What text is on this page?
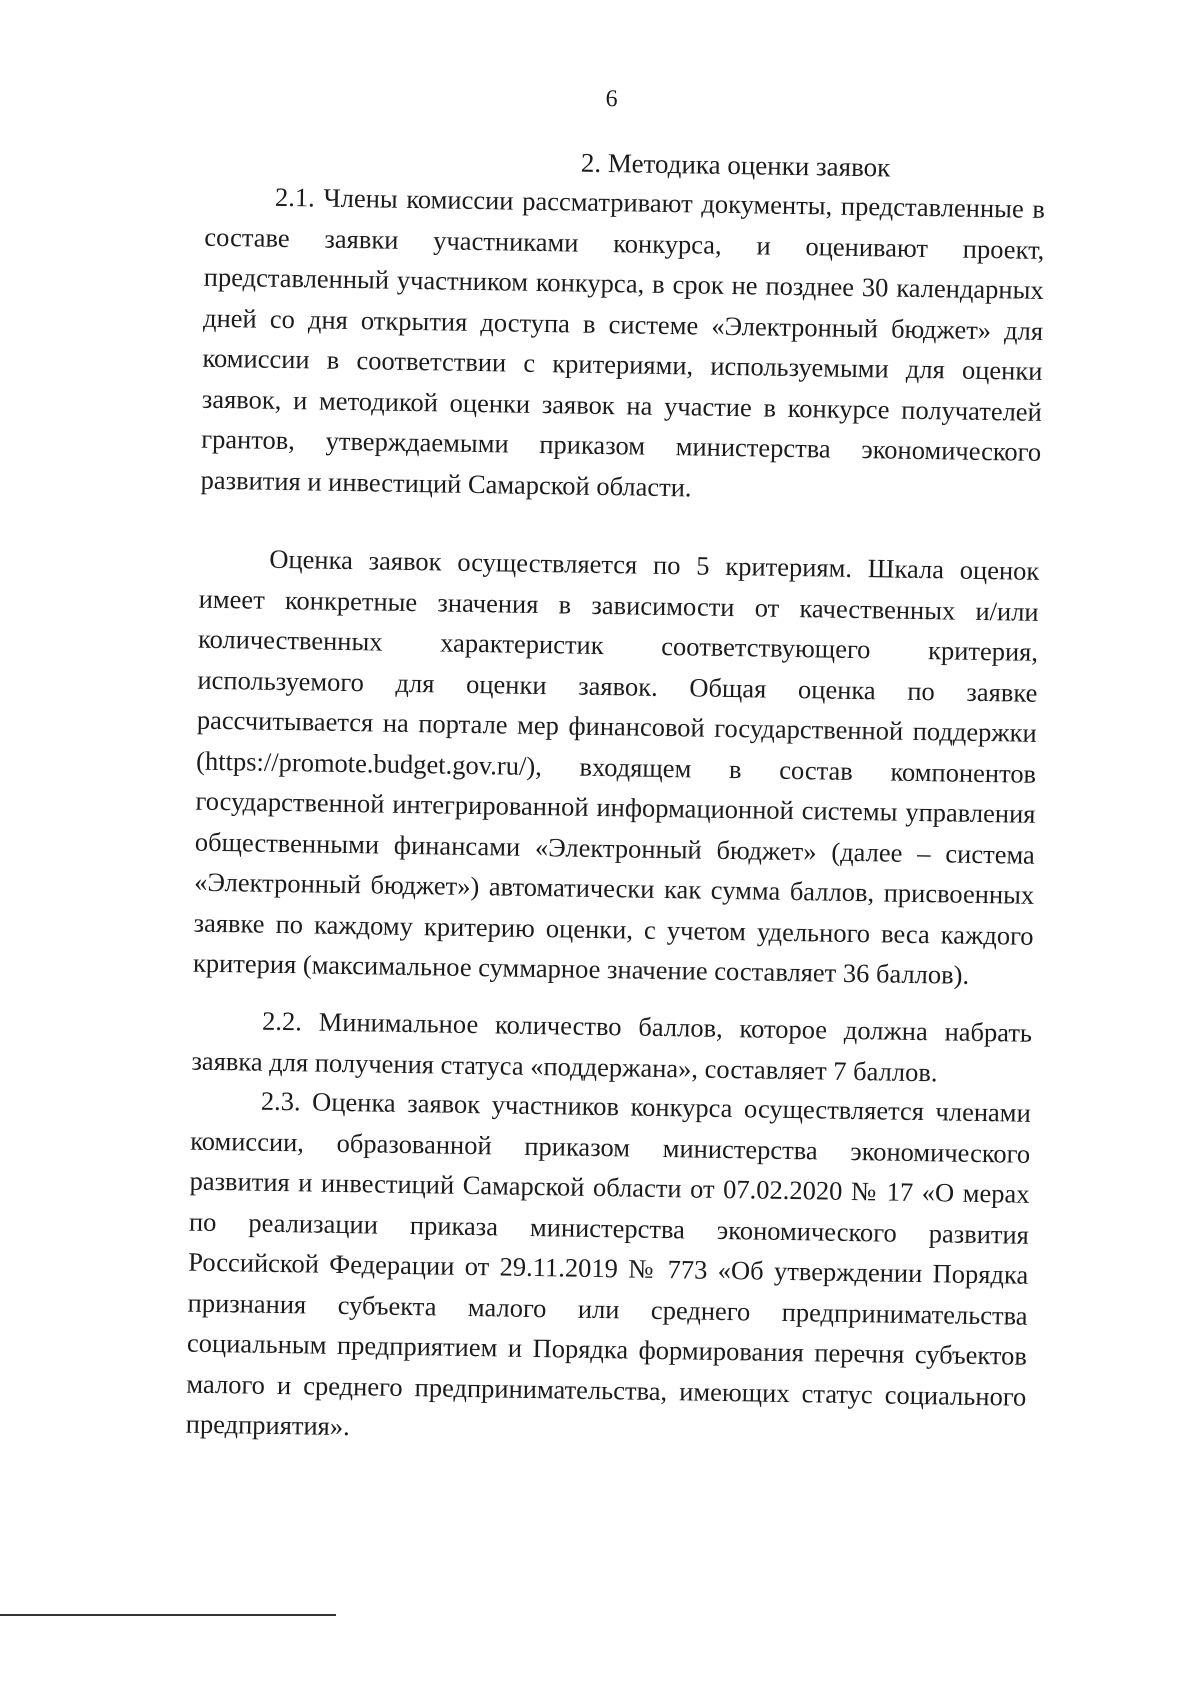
6
2. Методика оценки заявок

2.1. Члены комиссии рассматривают документы, представленные в составе заявки участниками конкурса, и оценивают проект, представленный участником конкурса, в срок не позднее 30 календарных дней со дня открытия доступа в системе «Электронный бюджет» для комиссии в соответствии с критериями, используемыми для оценки заявок, и методикой оценки заявок на участие в конкурсе получателей грантов, утверждаемыми приказом министерства экономического развития и инвестиций Самарской области.

Оценка заявок осуществляется по 5 критериям. Шкала оценок имеет конкретные значения в зависимости от качественных и/или количественных характеристик соответствующего критерия, используемого для оценки заявок. Общая оценка по заявке рассчитывается на портале мер финансовой государственной поддержки (https://promote.budget.gov.ru/), входящем в состав компонентов государственной интегрированной информационной системы управления общественными финансами «Электронный бюджет» (далее – система «Электронный бюджет») автоматически как сумма баллов, присвоенных заявке по каждому критерию оценки, с учетом удельного веса каждого критерия (максимальное суммарное значение составляет 36 баллов).

2.2. Минимальное количество баллов, которое должна набрать заявка для получения статуса «поддержана», составляет 7 баллов.

2.3. Оценка заявок участников конкурса осуществляется членами комиссии, образованной приказом министерства экономического развития и инвестиций Самарской области от 07.02.2020 № 17 «О мерах по реализации приказа министерства экономического развития Российской Федерации от 29.11.2019 № 773 «Об утверждении Порядка признания субъекта малого или среднего предпринимательства социальным предприятием и Порядка формирования перечня субъектов малого и среднего предпринимательства, имеющих статус социального предприятия».
